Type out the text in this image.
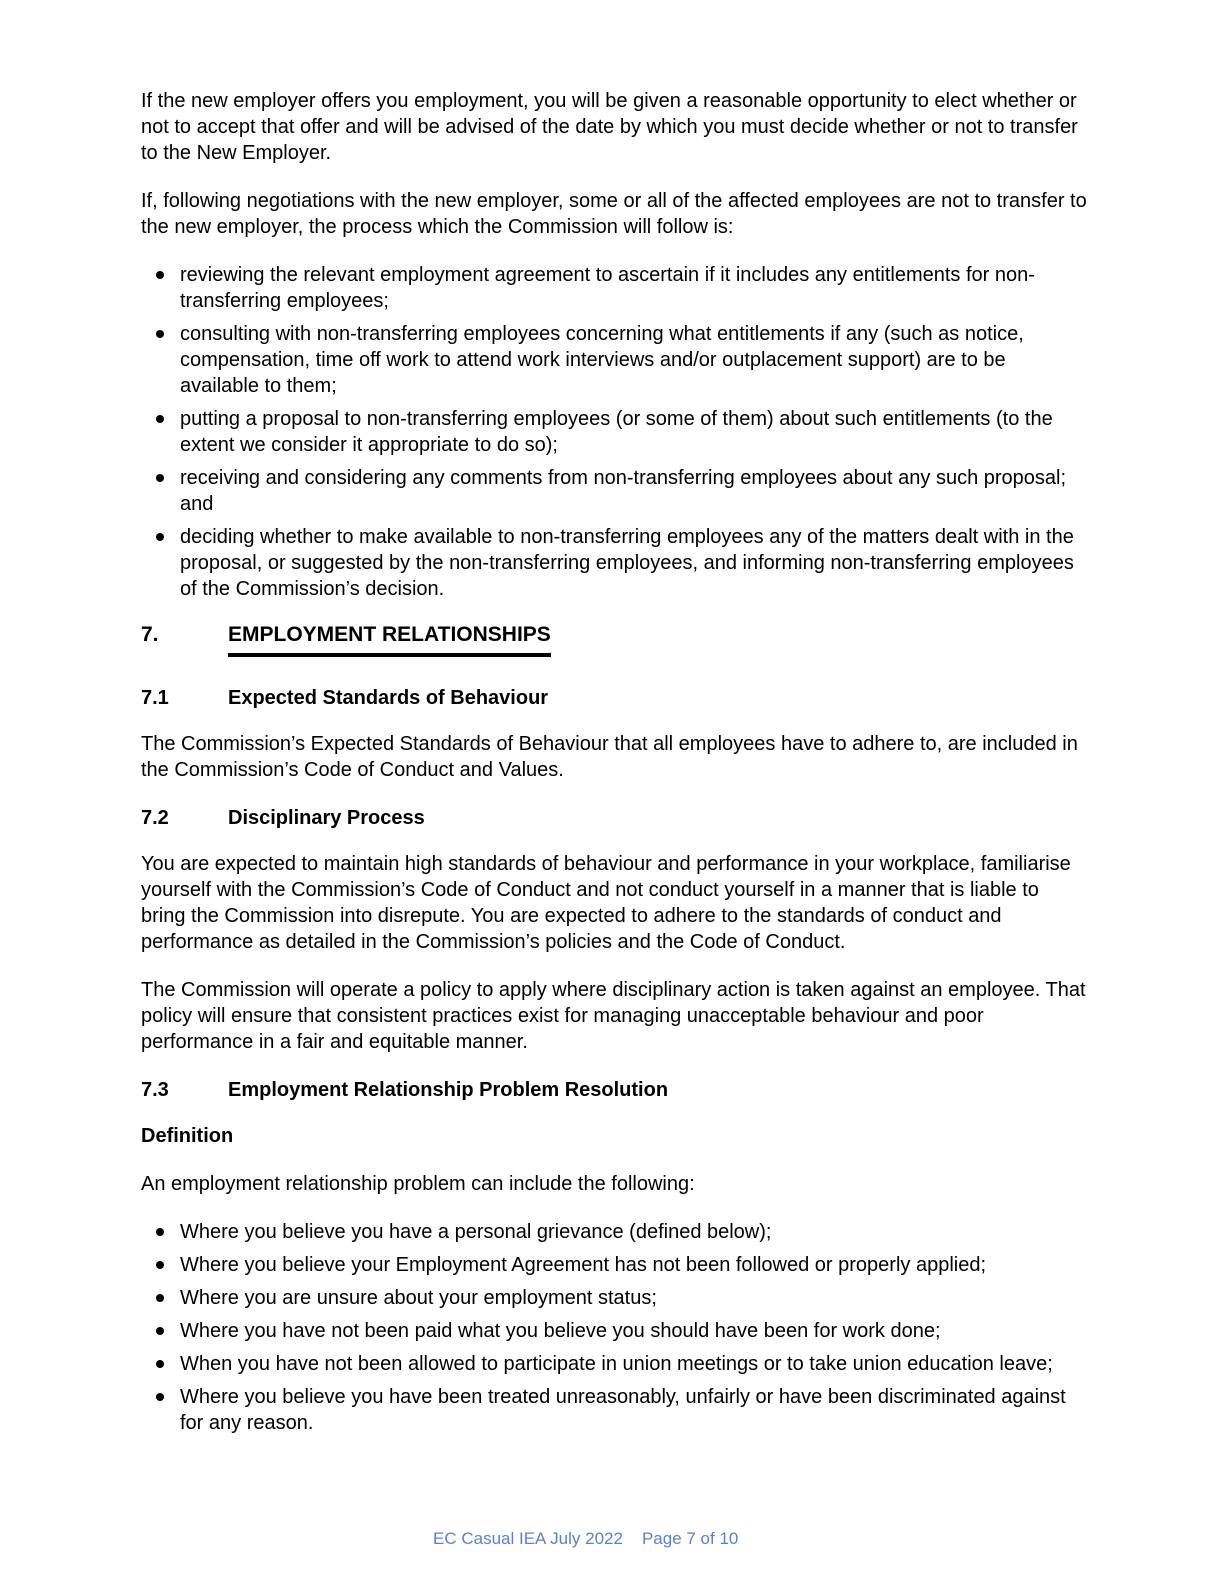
If the new employer offers you employment, you will be given a reasonable opportunity to elect whether or not to accept that offer and will be advised of the date by which you must decide whether or not to transfer to the New Employer.

If, following negotiations with the new employer, some or all of the affected employees are not to transfer to the new employer, the process which the Commission will follow is:

reviewing the relevant employment agreement to ascertain if it includes any entitlements for non-transferring employees;
consulting with non-transferring employees concerning what entitlements if any (such as notice, compensation, time off work to attend work interviews and/or outplacement support) are to be available to them;
putting a proposal to non-transferring employees (or some of them) about such entitlements (to the extent we consider it appropriate to do so);
receiving and considering any comments from non-transferring employees about any such proposal; and
deciding whether to make available to non-transferring employees any of the matters dealt with in the proposal, or suggested by the non-transferring employees, and informing non-transferring employees of the Commission’s decision.
7.	EMPLOYMENT RELATIONSHIPS
7.1	Expected Standards of Behaviour

The Commission’s Expected Standards of Behaviour that all employees have to adhere to, are included in the Commission’s Code of Conduct and Values.

7.2	Disciplinary Process

You are expected to maintain high standards of behaviour and performance in your workplace, familiarise yourself with the Commission’s Code of Conduct and not conduct yourself in a manner that is liable to bring the Commission into disrepute. You are expected to adhere to the standards of conduct and performance as detailed in the Commission’s policies and the Code of Conduct.

The Commission will operate a policy to apply where disciplinary action is taken against an employee. That policy will ensure that consistent practices exist for managing unacceptable behaviour and poor performance in a fair and equitable manner.

7.3	Employment Relationship Problem Resolution

Definition

An employment relationship problem can include the following:

Where you believe you have a personal grievance (defined below);
Where you believe your Employment Agreement has not been followed or properly applied;
Where you are unsure about your employment status;
Where you have not been paid what you believe you should have been for work done;
When you have not been allowed to participate in union meetings or to take union education leave;
Where you believe you have been treated unreasonably, unfairly or have been discriminated against for any reason.
EC Casual IEA July 2022 Page 7 of 10
